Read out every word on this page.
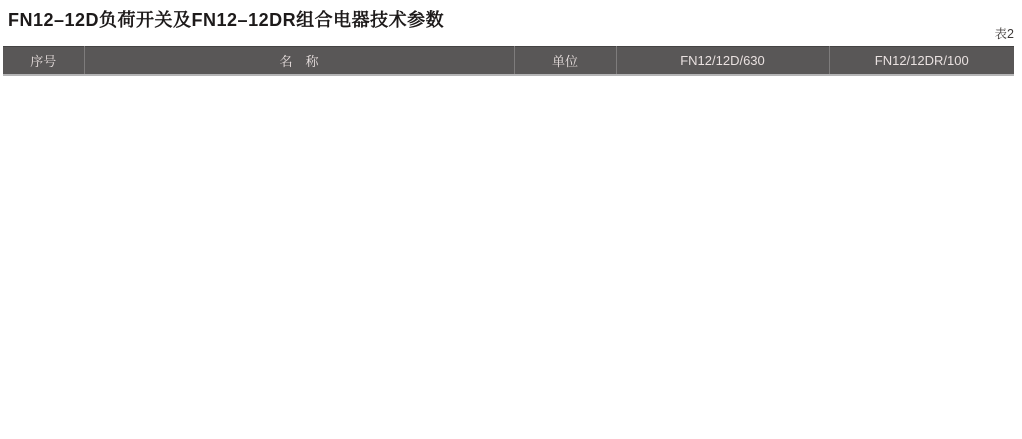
FN12–12D负荷开关及FN12–12DR组合电器技术参数
表2
序号	名　称	单位	FN12/12D/630	FN12/12DR/100
